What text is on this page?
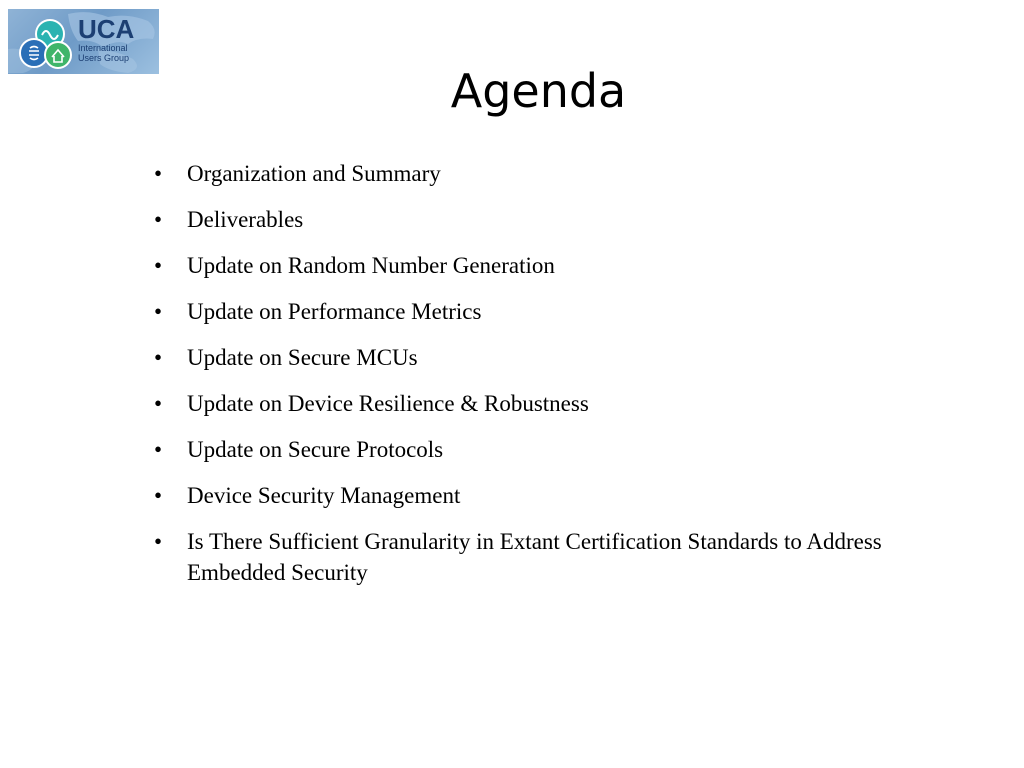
UCA
International
Users Group
Agenda
• Organization and Summary
• Deliverables
• Update on Random Number Generation
• Update on Performance Metrics
• Update on Secure MCUs
• Update on Device Resilience & Robustness
• Update on Secure Protocols
• Device Security Management
• Is There Sufficient Granularity in Extant Certification Standards to Address Embedded Security
